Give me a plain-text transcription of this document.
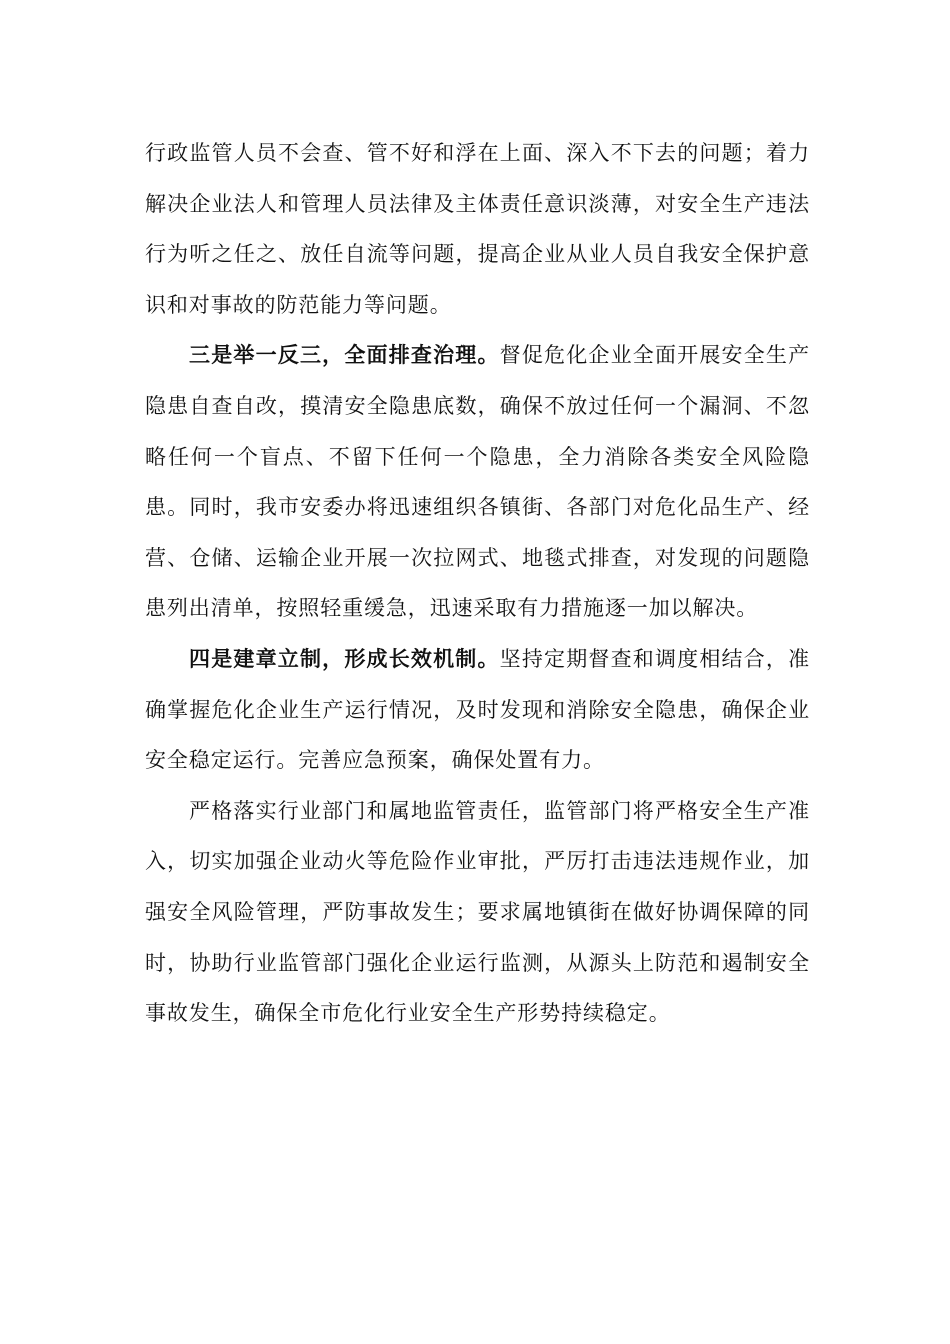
行政监管人员不会查、管不好和浮在上面、深入不下去的问题；着力解决企业法人和管理人员法律及主体责任意识淡薄，对安全生产违法行为听之任之、放任自流等问题，提高企业从业人员自我安全保护意识和对事故的防范能力等问题。

三是举一反三，全面排查治理。督促危化企业全面开展安全生产隐患自查自改，摸清安全隐患底数，确保不放过任何一个漏洞、不忽略任何一个盲点、不留下任何一个隐患，全力消除各类安全风险隐患。同时，我市安委办将迅速组织各镇街、各部门对危化品生产、经营、仓储、运输企业开展一次拉网式、地毯式排查，对发现的问题隐患列出清单，按照轻重缓急，迅速采取有力措施逐一加以解决。

四是建章立制，形成长效机制。坚持定期督查和调度相结合，准确掌握危化企业生产运行情况，及时发现和消除安全隐患，确保企业安全稳定运行。完善应急预案，确保处置有力。

严格落实行业部门和属地监管责任，监管部门将严格安全生产准入，切实加强企业动火等危险作业审批，严厉打击违法违规作业，加强安全风险管理，严防事故发生；要求属地镇街在做好协调保障的同时，协助行业监管部门强化企业运行监测，从源头上防范和遏制安全事故发生，确保全市危化行业安全生产形势持续稳定。
